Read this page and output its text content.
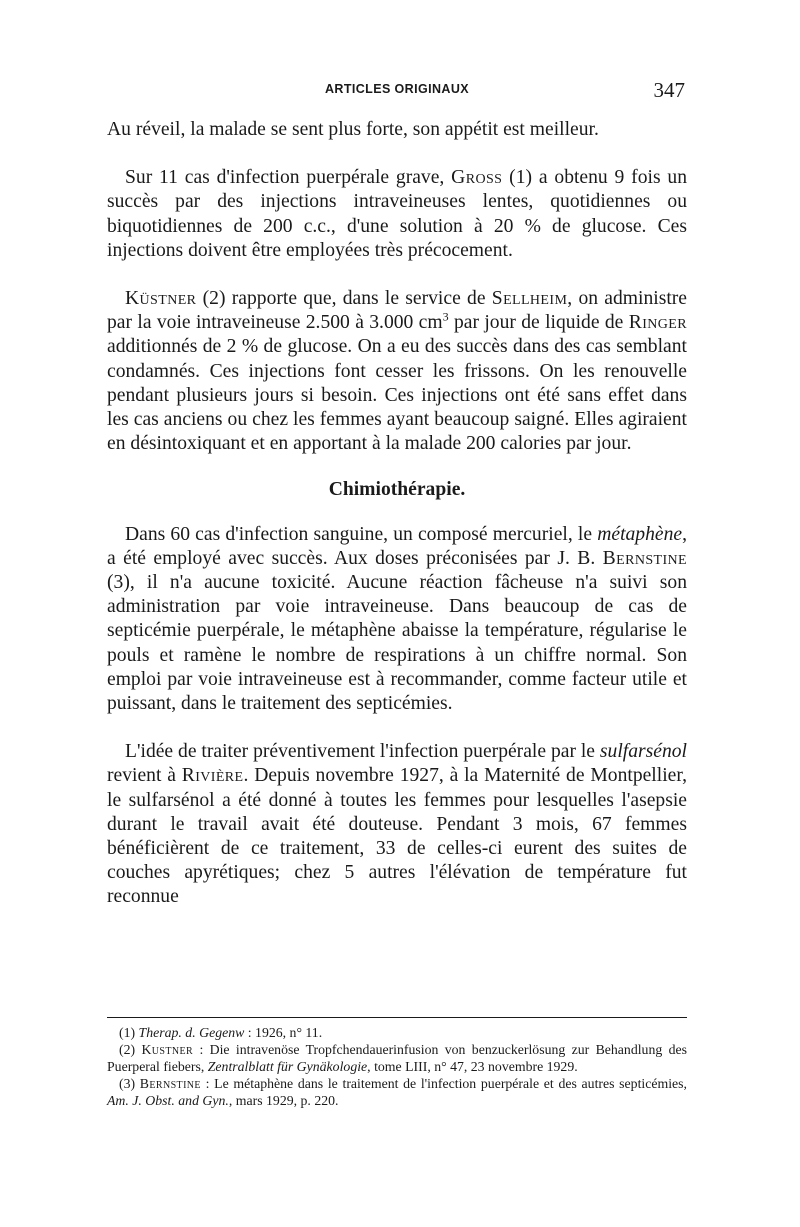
ARTICLES ORIGINAUX	347

Au réveil, la malade se sent plus forte, son appétit est meilleur.

Sur 11 cas d'infection puerpérale grave, Gross (1) a obtenu 9 fois un succès par des injections intraveineuses lentes, quotidiennes ou biquotidiennes de 200 c.c., d'une solution à 20 % de glucose. Ces injections doivent être employées très précocement.

Küstner (2) rapporte que, dans le service de Sellheim, on administre par la voie intraveineuse 2.500 à 3.000 $cm^3$ par jour de liquide de Ringer additionnés de 2 % de glucose. On a eu des succès dans des cas semblant condamnés. Ces injections font cesser les frissons. On les renouvelle pendant plusieurs jours si besoin. Ces injections ont été sans effet dans les cas anciens ou chez les femmes ayant beaucoup saigné. Elles agiraient en désintoxiquant et en apportant à la malade 200 calories par jour.

Chimiothérapie.

Dans 60 cas d'infection sanguine, un composé mercuriel, le métaphène, a été employé avec succès. Aux doses préconisées par J. B. Bernstine (3), il n'a aucune toxicité. Aucune réaction fâcheuse n'a suivi son administration par voie intraveineuse. Dans beaucoup de cas de septicémie puerpérale, le métaphène abaisse la température, régularise le pouls et ramène le nombre de respirations à un chiffre normal. Son emploi par voie intraveineuse est à recommander, comme facteur utile et puissant, dans le traitement des septicémies.

L'idée de traiter préventivement l'infection puerpérale par le sulfarsénol revient à Rivière. Depuis novembre 1927, à la Maternité de Montpellier, le sulfarsénol a été donné à toutes les femmes pour lesquelles l'asepsie durant le travail avait été douteuse. Pendant 3 mois, 67 femmes bénéficièrent de ce traitement, 33 de celles-ci eurent des suites de couches apyrétiques; chez 5 autres l'élévation de température fut reconnue

(1) Therap. d. Gegenw : 1926, n° 11.

(2) Kustner : Die intravenöse Tropfchendauerinfusion von benzuckerlösung zur Behandlung des Puerperal fiebers, Zentralblatt für Gynäkologie, tome LIII, n° 47, 23 novembre 1929.

(3) Bernstine : Le métaphène dans le traitement de l'infection puerpérale et des autres septicémies, Am. J. Obst. and Gyn., mars 1929, p. 220.
